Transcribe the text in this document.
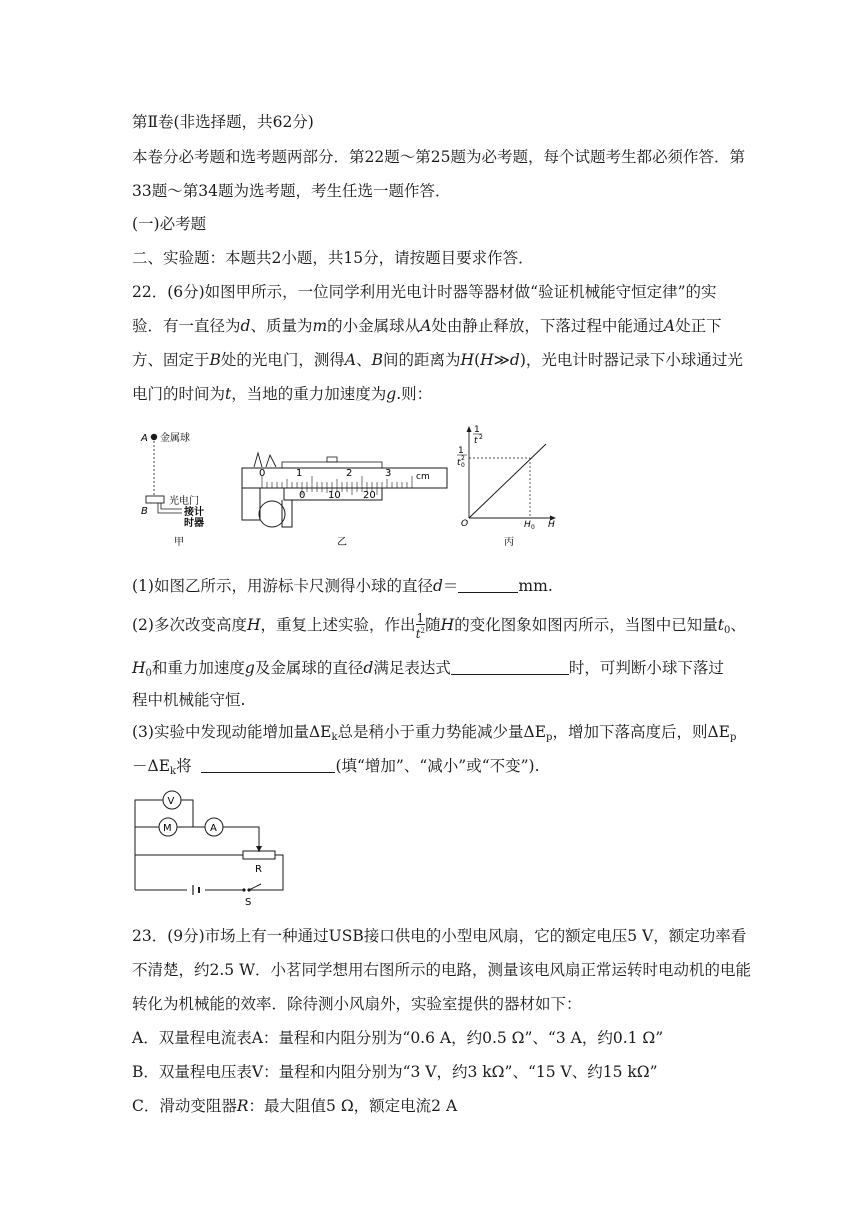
第Ⅱ卷(非选择题，共62分)
本卷分必考题和选考题两部分．第22题～第25题为必考题，每个试题考生都必须作答．第
33题～第34题为选考题，考生任选一题作答．
(一)必考题
二、实验题：本题共2小题，共15分，请按题目要求作答．
22．(6分)如图甲所示，一位同学利用光电计时器等器材做“验证机械能守恒定律”的实
验．有一直径为d、质量为m的小金属球从A处由静止释放，下落过程中能通过A处正下
方、固定于B处的光电门，测得A、B间的距离为H(H≫d)，光电计时器记录下小球通过光
电门的时间为t，当地的重力加速度为g.则：
A 金属球
光电门
B	接计
时器
甲
0	1	2	3	cm
0 10 20
乙
1
t 2
1
t 0
2
O	H 0 H
丙
(1)如图乙所示，用游标卡尺测得小球的直径d＝	mm.
(2)多次改变高度H，重复上述实验，作出 $\frac{1}{t^2}$ 随H的变化图象如图丙所示，当图中已知量$t_0$、
$H_0$和重力加速度g及金属球的直径d满足表达式	时，可判断小球下落过
程中机械能守恒.
(3)实验中发现动能增加量$\Delta E_k$总是稍小于重力势能减少量$\Delta E_p$，增加下落高度后，则$\Delta E_p$
$-\Delta E_k$将	(填“增加”、“减小”或“不变”).
V
M	A
R
S
23．(9分)市场上有一种通过USB接口供电的小型电风扇，它的额定电压5 V，额定功率看
不清楚，约2.5 W．小茗同学想用右图所示的电路，测量该电风扇正常运转时电动机的电能
转化为机械能的效率．除待测小风扇外，实验室提供的器材如下：
A．双量程电流表A：量程和内阻分别为“0.6 A，约0.5 Ω”、“3 A，约0.1 Ω”
B．双量程电压表V：量程和内阻分别为“3 V，约3 kΩ”、“15 V、约15 kΩ”
C．滑动变阻器R：最大阻值5 Ω，额定电流2 A
